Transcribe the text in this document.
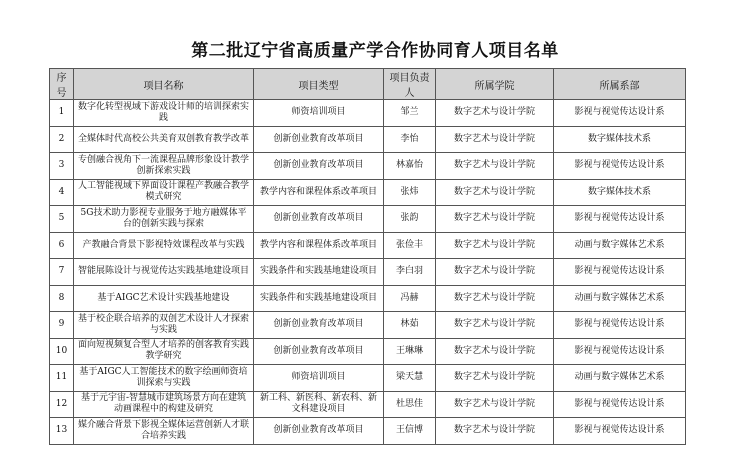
第二批辽宁省高质量产学合作协同育人项目名单
序号	项目名称	项目类型	项目负责人	所属学院	所属系部
1	数字化转型视域下游戏设计师的培训探索实践	师资培训项目	邹兰	数字艺术与设计学院	影视与视觉传达设计系
2	全媒体时代高校公共美育双创教育教学改革	创新创业教育改革项目	李怡	数字艺术与设计学院	数字媒体技术系
3	专创融合视角下一流课程品牌形象设计教学创新探索实践	创新创业教育改革项目	林嘉怡	数字艺术与设计学院	影视与视觉传达设计系
4	人工智能视域下界面设计课程产教融合教学模式研究	教学内容和课程体系改革项目	张炜	数字艺术与设计学院	数字媒体技术系
5	5G技术助力影视专业服务于地方融媒体平台的创新实践与探索	创新创业教育改革项目	张韵	数字艺术与设计学院	影视与视觉传达设计系
6	产教融合背景下影视特效课程改革与实践	教学内容和课程体系改革项目	张俭丰	数字艺术与设计学院	动画与数字媒体艺术系
7	智能展陈设计与视觉传达实践基地建设项目	实践条件和实践基地建设项目	李白羽	数字艺术与设计学院	影视与视觉传达设计系
8	基于AIGC艺术设计实践基地建设	实践条件和实践基地建设项目	冯赫	数字艺术与设计学院	动画与数字媒体艺术系
9	基于校企联合培养的双创艺术设计人才探索与实践	创新创业教育改革项目	林茹	数字艺术与设计学院	影视与视觉传达设计系
10	面向短视频复合型人才培养的创客教育实践教学研究	创新创业教育改革项目	王琳琳	数字艺术与设计学院	影视与视觉传达设计系
11	基于AIGC人工智能技术的数字绘画师资培训探索与实践	师资培训项目	梁天慧	数字艺术与设计学院	动画与数字媒体艺术系
12	基于元宇宙-智慧城市建筑场景方向在建筑动画课程中的构建及研究	新工科、新医科、新农科、新文科建设项目	杜思佳	数字艺术与设计学院	影视与视觉传达设计系
13	媒介融合背景下影视全媒体运营创新人才联合培养实践	创新创业教育改革项目	王信博	数字艺术与设计学院	影视与视觉传达设计系
